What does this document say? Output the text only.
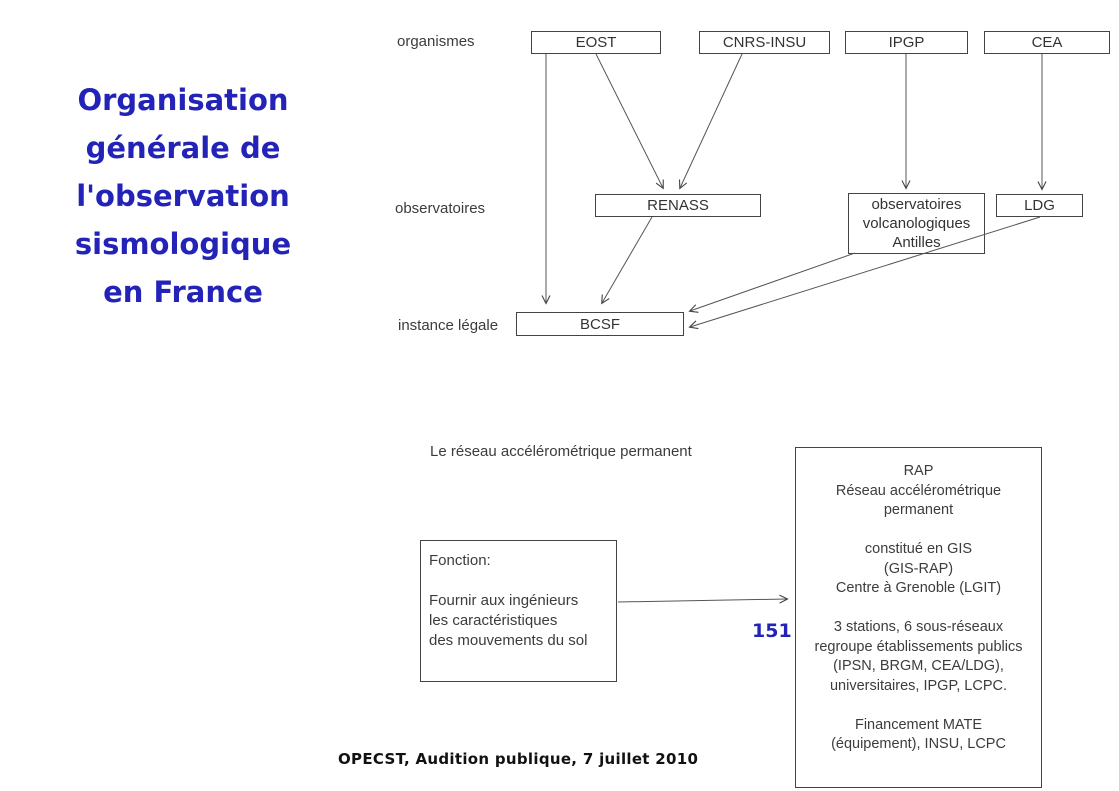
Organisation
générale de
l'observation
sismologique
en France
organismes
observatoires
instance légale
EOST	CNRS-INSU	IPGP	CEA
RENASS	observatoires
volcanologiques
Antilles
LDG
BCSF
Le réseau accélérométrique permanent
Fonction:
Fournir aux ingénieurs
les caractéristiques
des mouvements du sol
RAP
Réseau accélérométrique
permanent
constitué en GIS
(GIS-RAP)
Centre à Grenoble (LGIT)
3 stations, 6 sous-réseaux
regroupe établissements publics
(IPSN, BRGM, CEA/LDG),
universitaires, IPGP, LCPC.
Financement MATE
(équipement), INSU, LCPC
151
OPECST, Audition publique, 7 juillet 2010
